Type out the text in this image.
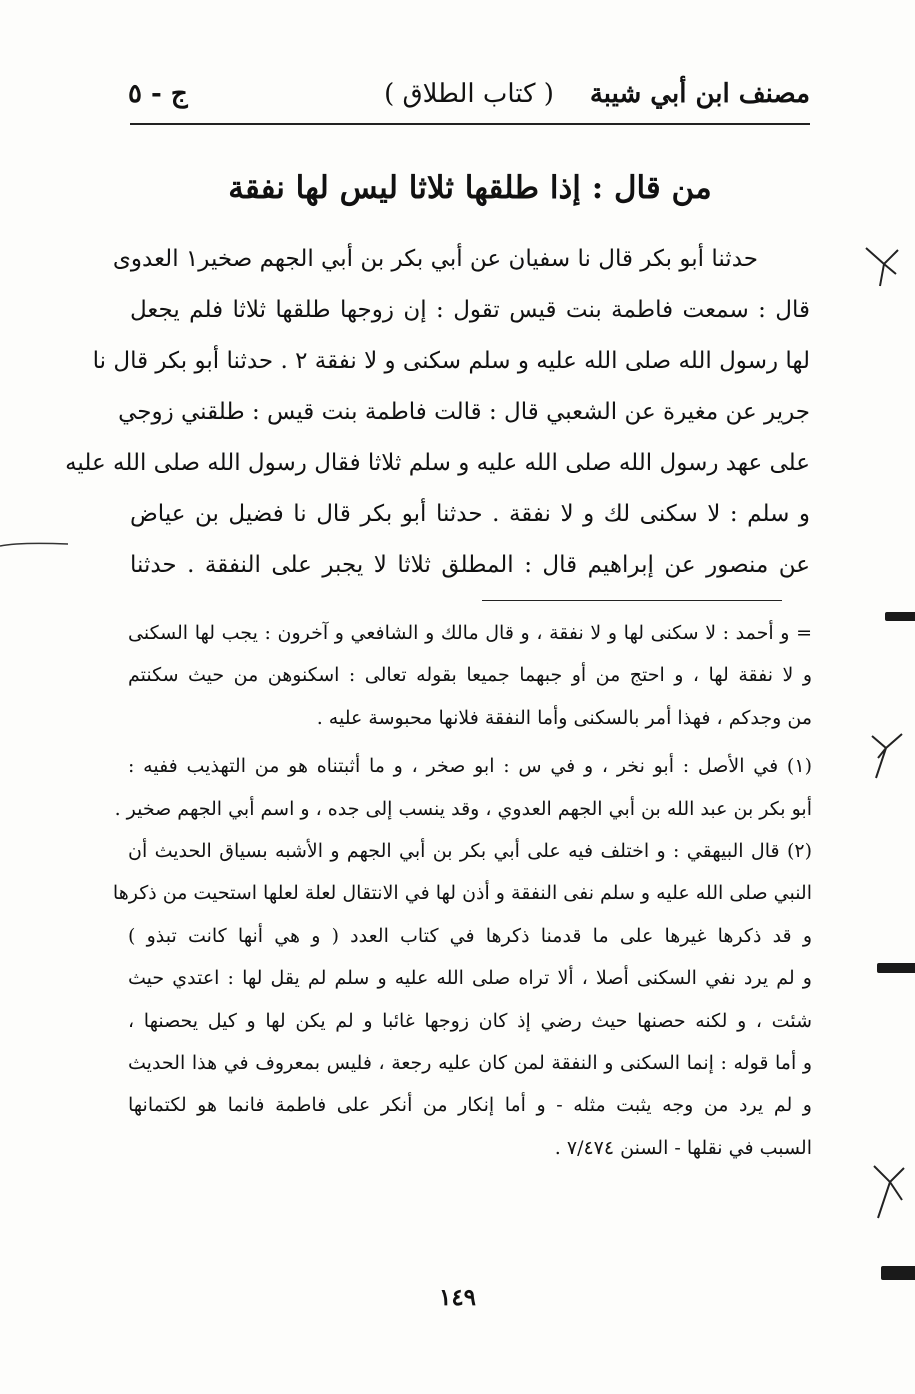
مصنف ابن أبي شيبة
( كتاب الطلاق )
ج - ٥
من قال : إذا طلقها ثلاثا ليس لها نفقة
حدثنا أبو بكر قال نا سفيان عن أبي بكر بن أبي الجهم صخير١ العدوى
قال : سمعت فاطمة بنت قيس تقول : إن زوجها طلقها ثلاثا فلم يجعل
لها رسول الله صلى الله عليه و سلم سكنى و لا نفقة ٢ . حدثنا أبو بكر قال نا
جرير عن مغيرة عن الشعبي قال : قالت فاطمة بنت قيس : طلقني زوجي
على عهد رسول الله صلى الله عليه و سلم ثلاثا فقال رسول الله صلى الله عليه
و سلم : لا سكنى لك و لا نفقة . حدثنا أبو بكر قال نا فضيل بن عياض
عن منصور عن إبراهيم قال : المطلق ثلاثا لا يجبر على النفقة . حدثنا
= و أحمد : لا سكنى لها و لا نفقة ، و قال مالك و الشافعي و آخرون : يجب لها السكنى
و لا نفقة لها ، و احتج من أو جبهما جميعا بقوله تعالى : اسكنوهن من حيث سكنتم
من وجدكم ، فهذا أمر بالسكنى وأما النفقة فلانها محبوسة عليه .
(١) في الأصل : أبو نخر ، و في س : ابو صخر ، و ما أثبتناه هو من التهذيب ففيه :
أبو بكر بن عبد الله بن أبي الجهم العدوي ، وقد ينسب إلى جده ، و اسم أبي الجهم صخير .
(٢) قال البيهقي : و اختلف فيه على أبي بكر بن أبي الجهم و الأشبه بسياق الحديث أن
النبي صلى الله عليه و سلم نفى النفقة و أذن لها في الانتقال لعلة لعلها استحيت من ذكرها
و قد ذكرها غيرها على ما قدمنا ذكرها في كتاب العدد ( و هي أنها كانت تبذو )
و لم يرد نفي السكنى أصلا ، ألا تراه صلى الله عليه و سلم لم يقل لها : اعتدي حيث
شئت ، و لكنه حصنها حيث رضي إذ كان زوجها غائبا و لم يكن لها و كيل يحصنها ،
و أما قوله : إنما السكنى و النفقة لمن كان عليه رجعة ، فليس بمعروف في هذا الحديث
و لم يرد من وجه يثبت مثله - و أما إنكار من أنكر على فاطمة فانما هو لكتمانها
السبب في نقلها - السنن ٧/٤٧٤ .
١٤٩
